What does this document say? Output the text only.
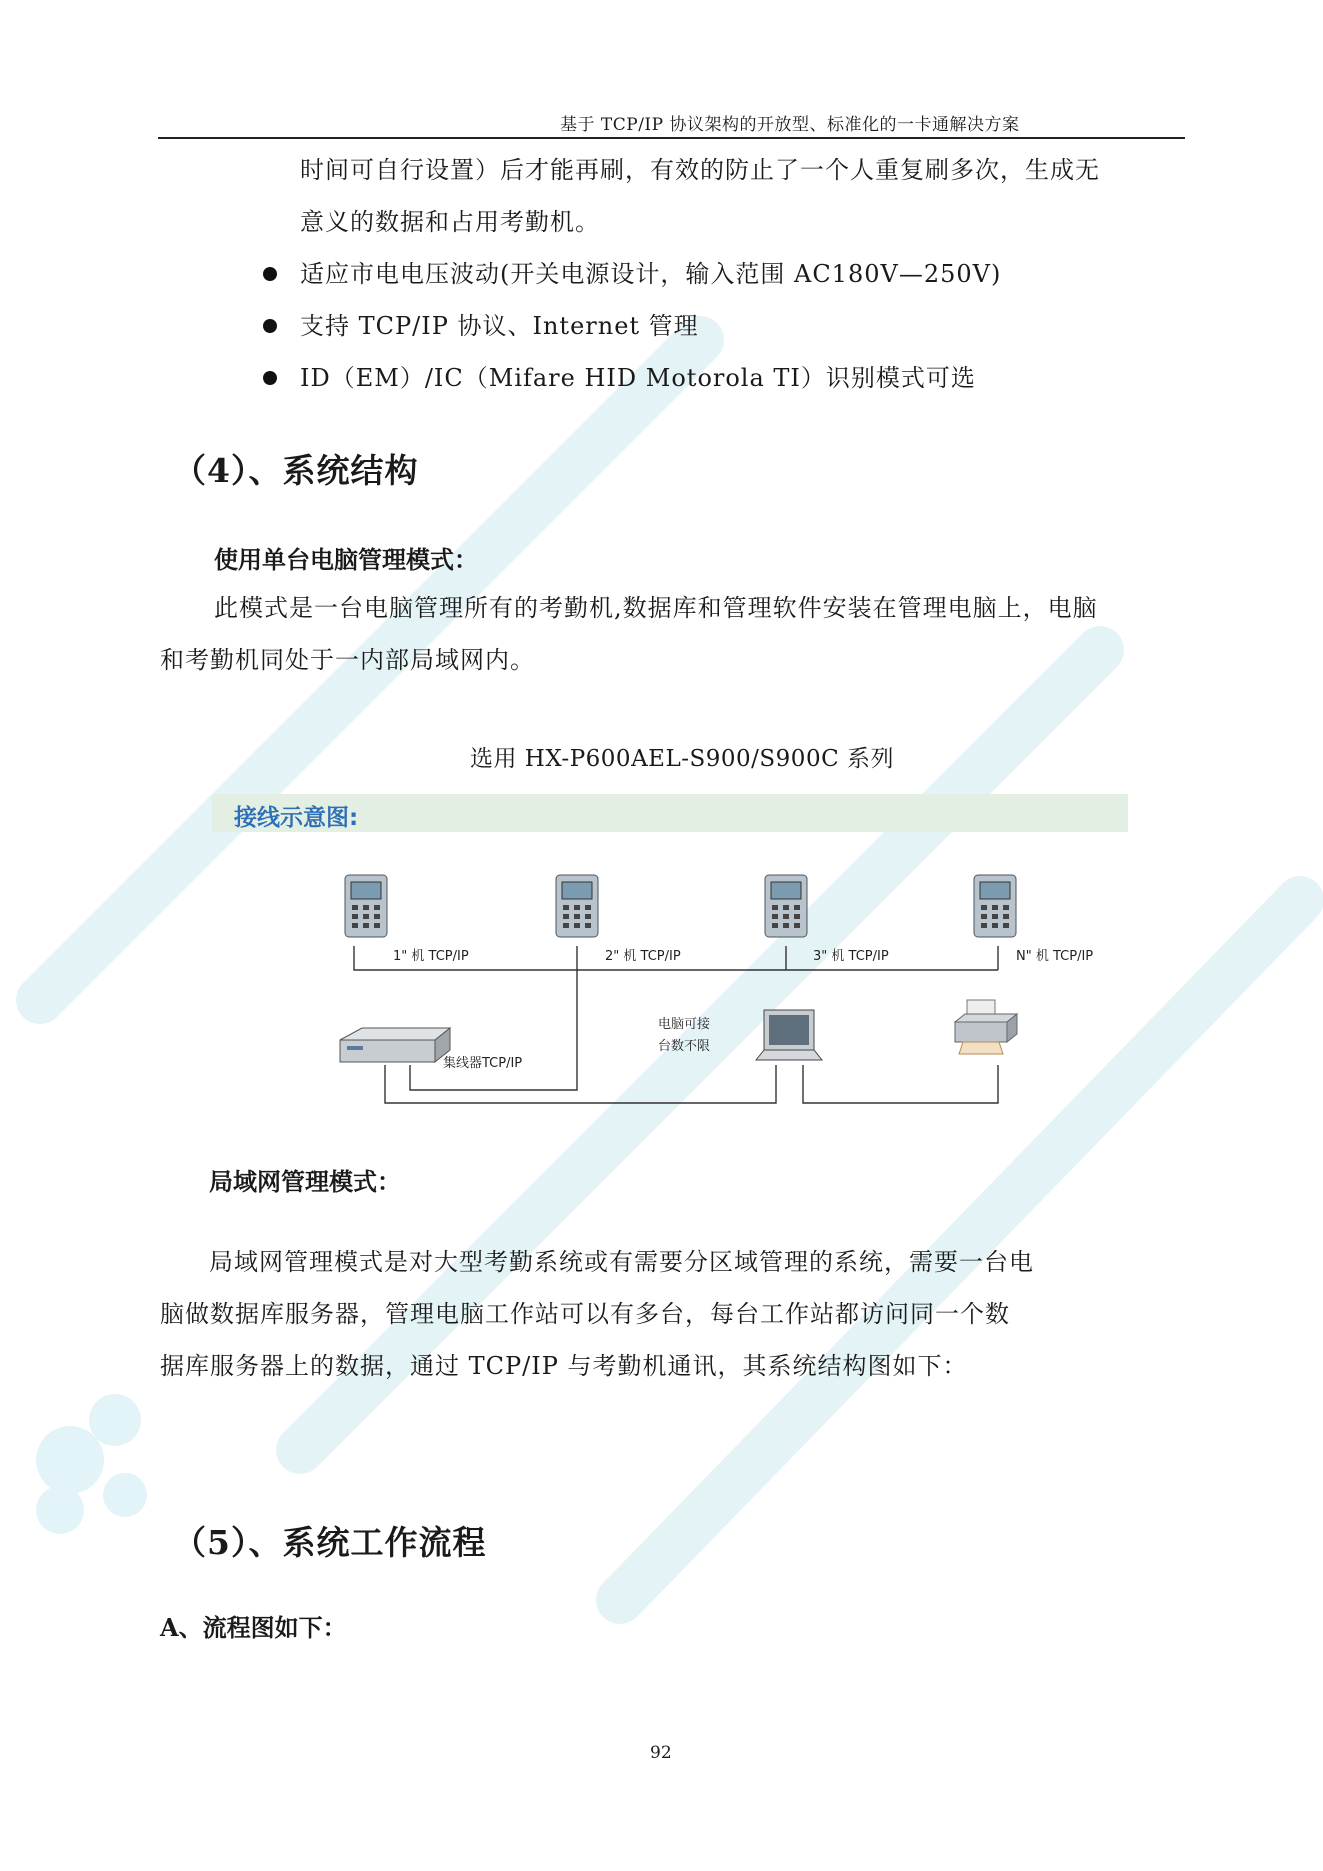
基于 TCP/IP 协议架构的开放型、标准化的一卡通解决方案
时间可自行设置）后才能再刷，有效的防止了一个人重复刷多次，生成无
意义的数据和占用考勤机。
适应市电电压波动(开关电源设计，输入范围 AC180V—250V)
支持 TCP/IP 协议、Internet 管理
ID（EM）/IC（Mifare HID Motorola TI）识别模式可选
（4）、系统结构
使用单台电脑管理模式：
此模式是一台电脑管理所有的考勤机,数据库和管理软件安装在管理电脑上，电脑
和考勤机同处于一内部局域网内。
选用 HX-P600AEL-S900/S900C 系列
接线示意图:
1" 机 TCP/IP	2" 机 TCP/IP	3" 机 TCP/IP	N" 机 TCP/IP
集线器TCP/IP
电脑可接
台数不限
局域网管理模式：
局域网管理模式是对大型考勤系统或有需要分区域管理的系统，需要一台电
脑做数据库服务器，管理电脑工作站可以有多台，每台工作站都访问同一个数
据库服务器上的数据，通过 TCP/IP 与考勤机通讯，其系统结构图如下：
（5）、系统工作流程
A、流程图如下：
92
